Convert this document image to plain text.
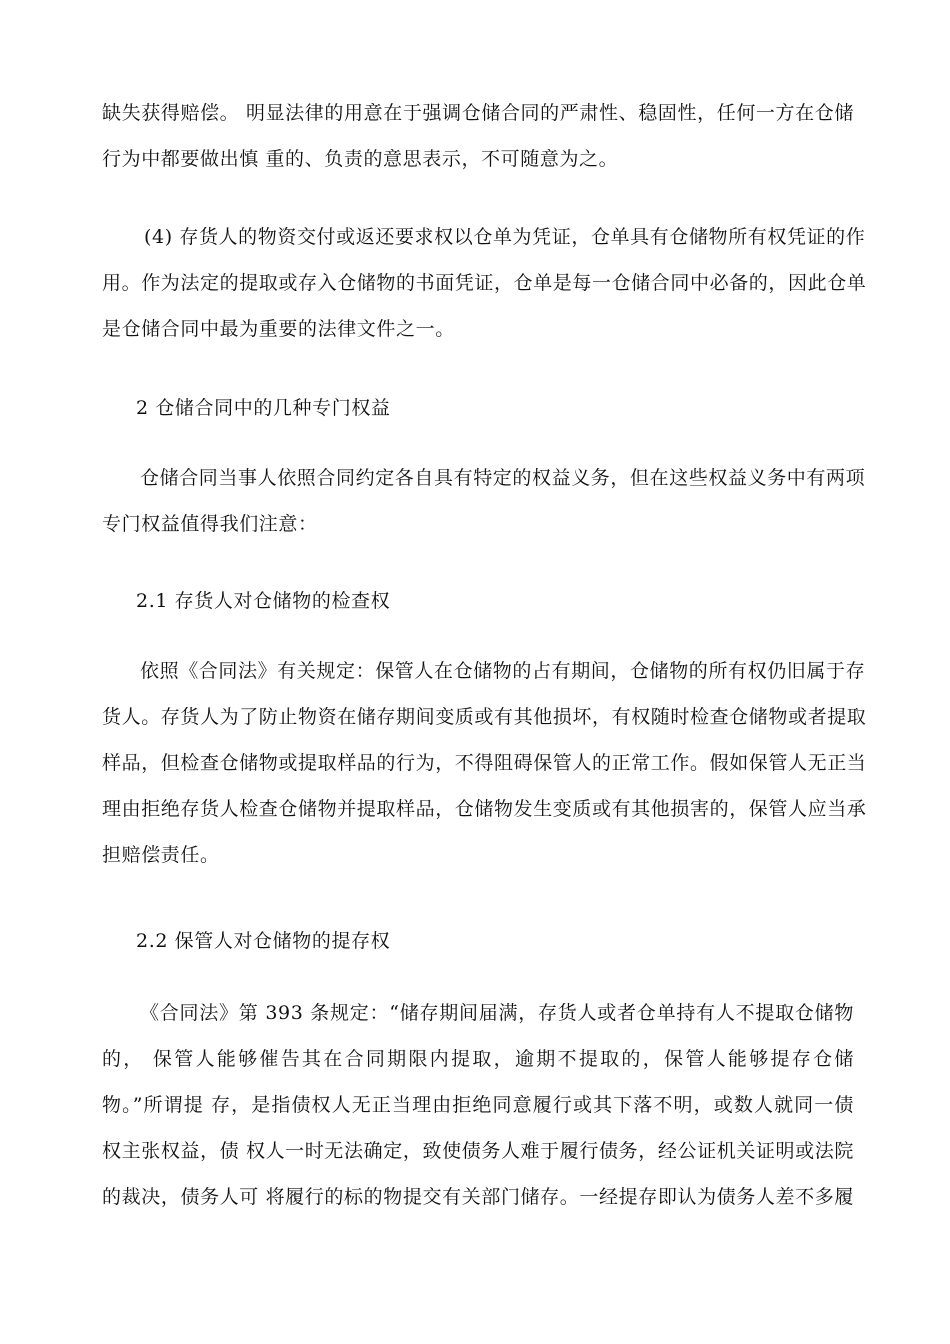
缺失获得赔偿。 明显法律的用意在于强调仓储合同的严肃性、稳固性，任何一方在仓储
行为中都要做出慎 重的、负责的意思表示，不可随意为之。
(4) 存货人的物资交付或返还要求权以仓单为凭证，仓单具有仓储物所有权凭证的作
用。作为法定的提取或存入仓储物的书面凭证，仓单是每一仓储合同中必备的，因此仓单
是仓储合同中最为重要的法律文件之一。
2 仓储合同中的几种专门权益
仓储合同当事人依照合同约定各自具有特定的权益义务，但在这些权益义务中有两项
专门权益值得我们注意：
2.1 存货人对仓储物的检查权
依照《合同法》有关规定：保管人在仓储物的占有期间，仓储物的所有权仍旧属于存
货人。存货人为了防止物资在储存期间变质或有其他损坏，有权随时检查仓储物或者提取
样品，但检查仓储物或提取样品的行为，不得阻碍保管人的正常工作。假如保管人无正当
理由拒绝存货人检查仓储物并提取样品，仓储物发生变质或有其他损害的，保管人应当承
担赔偿责任。
2.2 保管人对仓储物的提存权
《合同法》第 393 条规定：“储存期间届满，存货人或者仓单持有人不提取仓储物
的， 保管人能够催告其在合同期限内提取，逾期不提取的，保管人能够提存仓储
物。”所谓提 存，是指债权人无正当理由拒绝同意履行或其下落不明，或数人就同一债
权主张权益，债 权人一时无法确定，致使债务人难于履行债务，经公证机关证明或法院
的裁决，债务人可 将履行的标的物提交有关部门储存。一经提存即认为债务人差不多履
